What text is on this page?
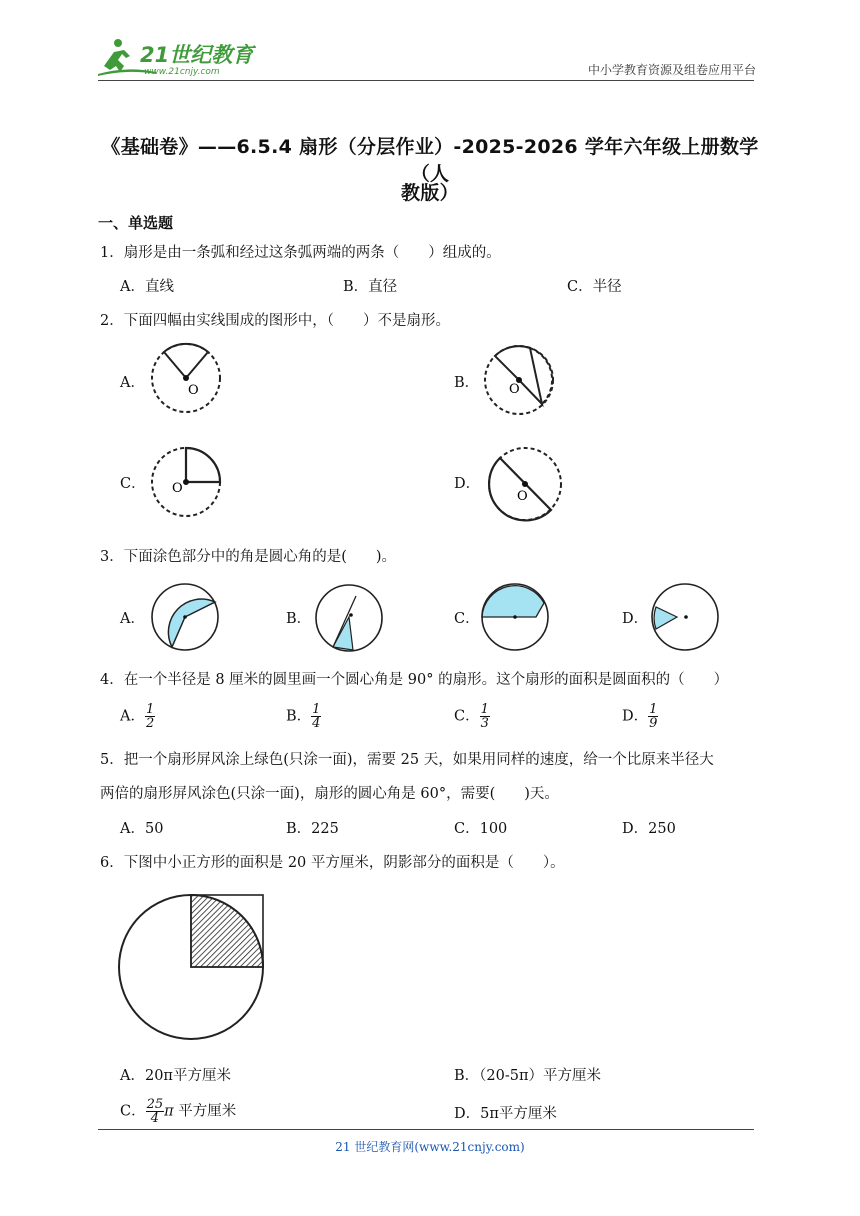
21世纪教育
www.21cnjy.com	中小学教育资源及组卷应用平台
《基础卷》——6.5.4 扇形（分层作业）-2025-2026 学年六年级上册数学（人
教版）
一、单选题
1．扇形是由一条弧和经过这条弧两端的两条（　　）组成的。
A．直线	B．直径	C．半径
2．下面四幅由实线围成的图形中，（　　）不是扇形。
A．	O	B． O
C． O	D．
O
3．下面涂色部分中的角是圆心角的是(　　)。
A．	B．	C．	D．
4．在一个半径是 8 厘米的圆里画一个圆心角是 90° 的扇形。这个扇形的面积是圆面积的（　　）
A． $\frac{1}{2}$	B． $\frac{1}{4}$	C． $\frac{1}{3}$	D． $\frac{1}{9}$
5．把一个扇形屏风涂上绿色(只涂一面)，需要 25 天，如果用同样的速度，给一个比原来半径大
两倍的扇形屏风涂色(只涂一面)，扇形的圆心角是 60°，需要(　　)天。
A．50	B．225	C．100	D．250
6．下图中小正方形的面积是 20 平方厘米，阴影部分的面积是（　　）。
A．20π平方厘米	B．（20-5π）平方厘米
C． $\frac{25}{4}$ π 平方厘米	D．5π平方厘米
21 世纪教育网(www.21cnjy.com)
